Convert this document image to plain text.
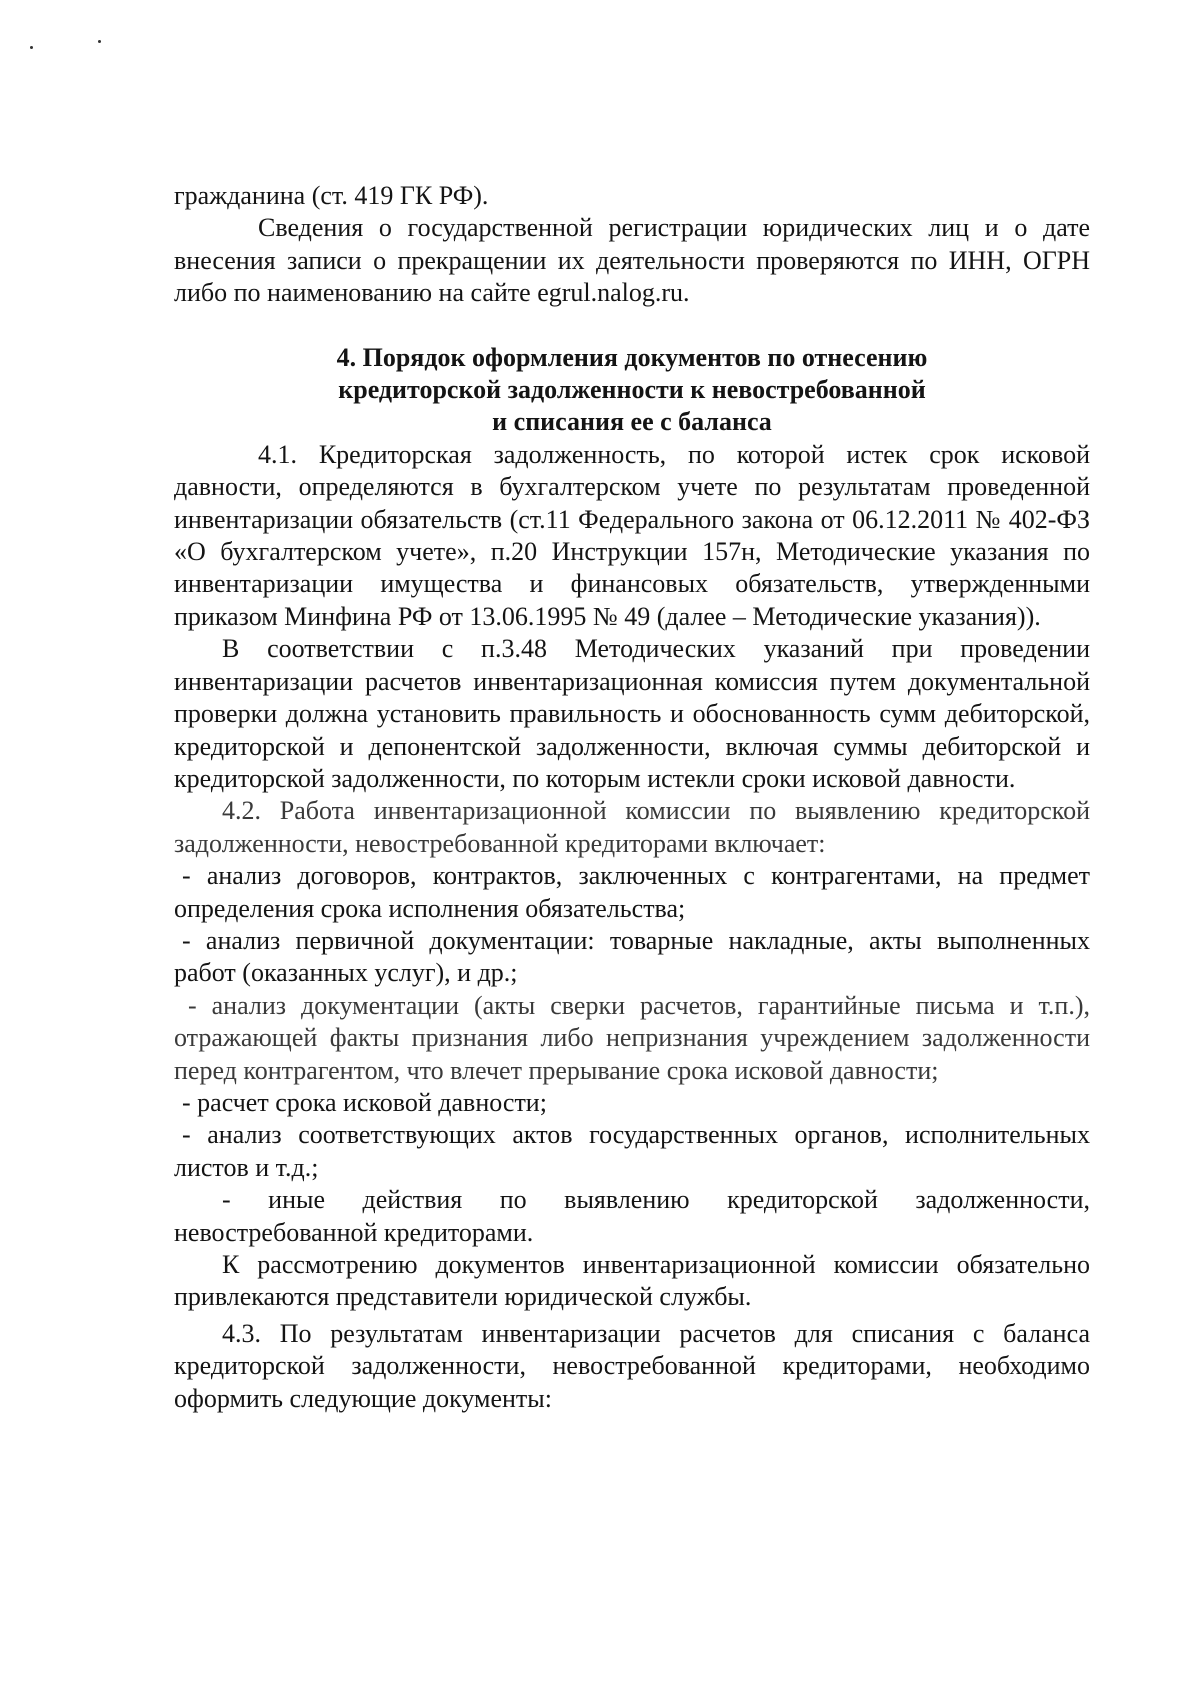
гражданина (ст. 419 ГК РФ).

Сведения о государственной регистрации юридических лиц и о дате внесения записи о прекращении их деятельности проверяются по ИНН, ОГРН либо по наименованию на сайте egrul.nalog.ru.

4. Порядок оформления документов по отнесению
кредиторской задолженности к невостребованной
и списания ее с баланса

4.1. Кредиторская задолженность, по которой истек срок исковой давности, определяются в бухгалтерском учете по результатам проведенной инвентаризации обязательств (ст.11 Федерального закона от 06.12.2011 № 402-ФЗ «О бухгалтерском учете», п.20 Инструкции 157н, Методические указания по инвентаризации имущества и финансовых обязательств, утвержденными приказом Минфина РФ от 13.06.1995 № 49 (далее – Методические указания)).

В соответствии с п.3.48 Методических указаний при проведении инвентаризации расчетов инвентаризационная комиссия путем документальной проверки должна установить правильность и обоснованность сумм дебиторской, кредиторской и депонентской задолженности, включая суммы дебиторской и кредиторской задолженности, по которым истекли сроки исковой давности.

4.2. Работа инвентаризационной комиссии по выявлению кредиторской задолженности, невостребованной кредиторами включает:

- анализ договоров, контрактов, заключенных с контрагентами, на предмет определения срока исполнения обязательства;

- анализ первичной документации: товарные накладные, акты выполненных работ (оказанных услуг), и др.;

- анализ документации (акты сверки расчетов, гарантийные письма и т.п.), отражающей факты признания либо непризнания учреждением задолженности перед контрагентом, что влечет прерывание срока исковой давности;

- расчет срока исковой давности;

- анализ соответствующих актов государственных органов, исполнительных листов и т.д.;

- иные действия по выявлению кредиторской задолженности, невостребованной кредиторами.

К рассмотрению документов инвентаризационной комиссии обязательно привлекаются представители юридической службы.

4.3. По результатам инвентаризации расчетов для списания с баланса кредиторской задолженности, невостребованной кредиторами, необходимо оформить следующие документы:
